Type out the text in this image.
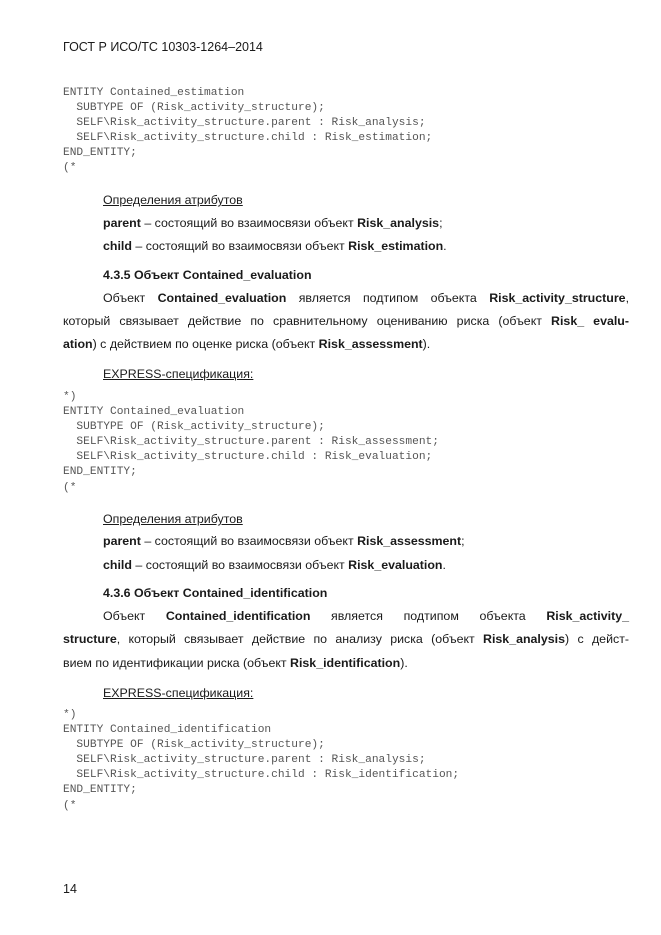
ГОСТ Р ИСО/ТС 10303-1264–2014
ENTITY Contained_estimation
SUBTYPE OF (Risk_activity_structure);
SELF\Risk_activity_structure.parent : Risk_analysis;
SELF\Risk_activity_structure.child : Risk_estimation;
END_ENTITY;
(*
Определения атрибутов
parent – состоящий во взаимосвязи объект Risk_analysis;
child – состоящий во взаимосвязи объект Risk_estimation.
4.3.5 Объект Contained_evaluation
Объект Contained_evaluation является подтипом объекта Risk_activity_structure,
который связывает действие по сравнительному оцениванию риска (объект Risk_ evalu-
ation) с действием по оценке риска (объект Risk_assessment).
EXPRESS-спецификация:
*)
ENTITY Contained_evaluation
SUBTYPE OF (Risk_activity_structure);
SELF\Risk_activity_structure.parent : Risk_assessment;
SELF\Risk_activity_structure.child : Risk_evaluation;
END_ENTITY;
(*
Определения атрибутов
parent – состоящий во взаимосвязи объект Risk_assessment;
child – состоящий во взаимосвязи объект Risk_evaluation.
4.3.6 Объект Contained_identification
Объект Contained_identification является подтипом объекта Risk_activity_
structure, который связывает действие по анализу риска (объект Risk_analysis) с дейст-
вием по идентификации риска (объект Risk_identification).
EXPRESS-спецификация:
*)
ENTITY Contained_identification
SUBTYPE OF (Risk_activity_structure);
SELF\Risk_activity_structure.parent : Risk_analysis;
SELF\Risk_activity_structure.child : Risk_identification;
END_ENTITY;
(*
14
